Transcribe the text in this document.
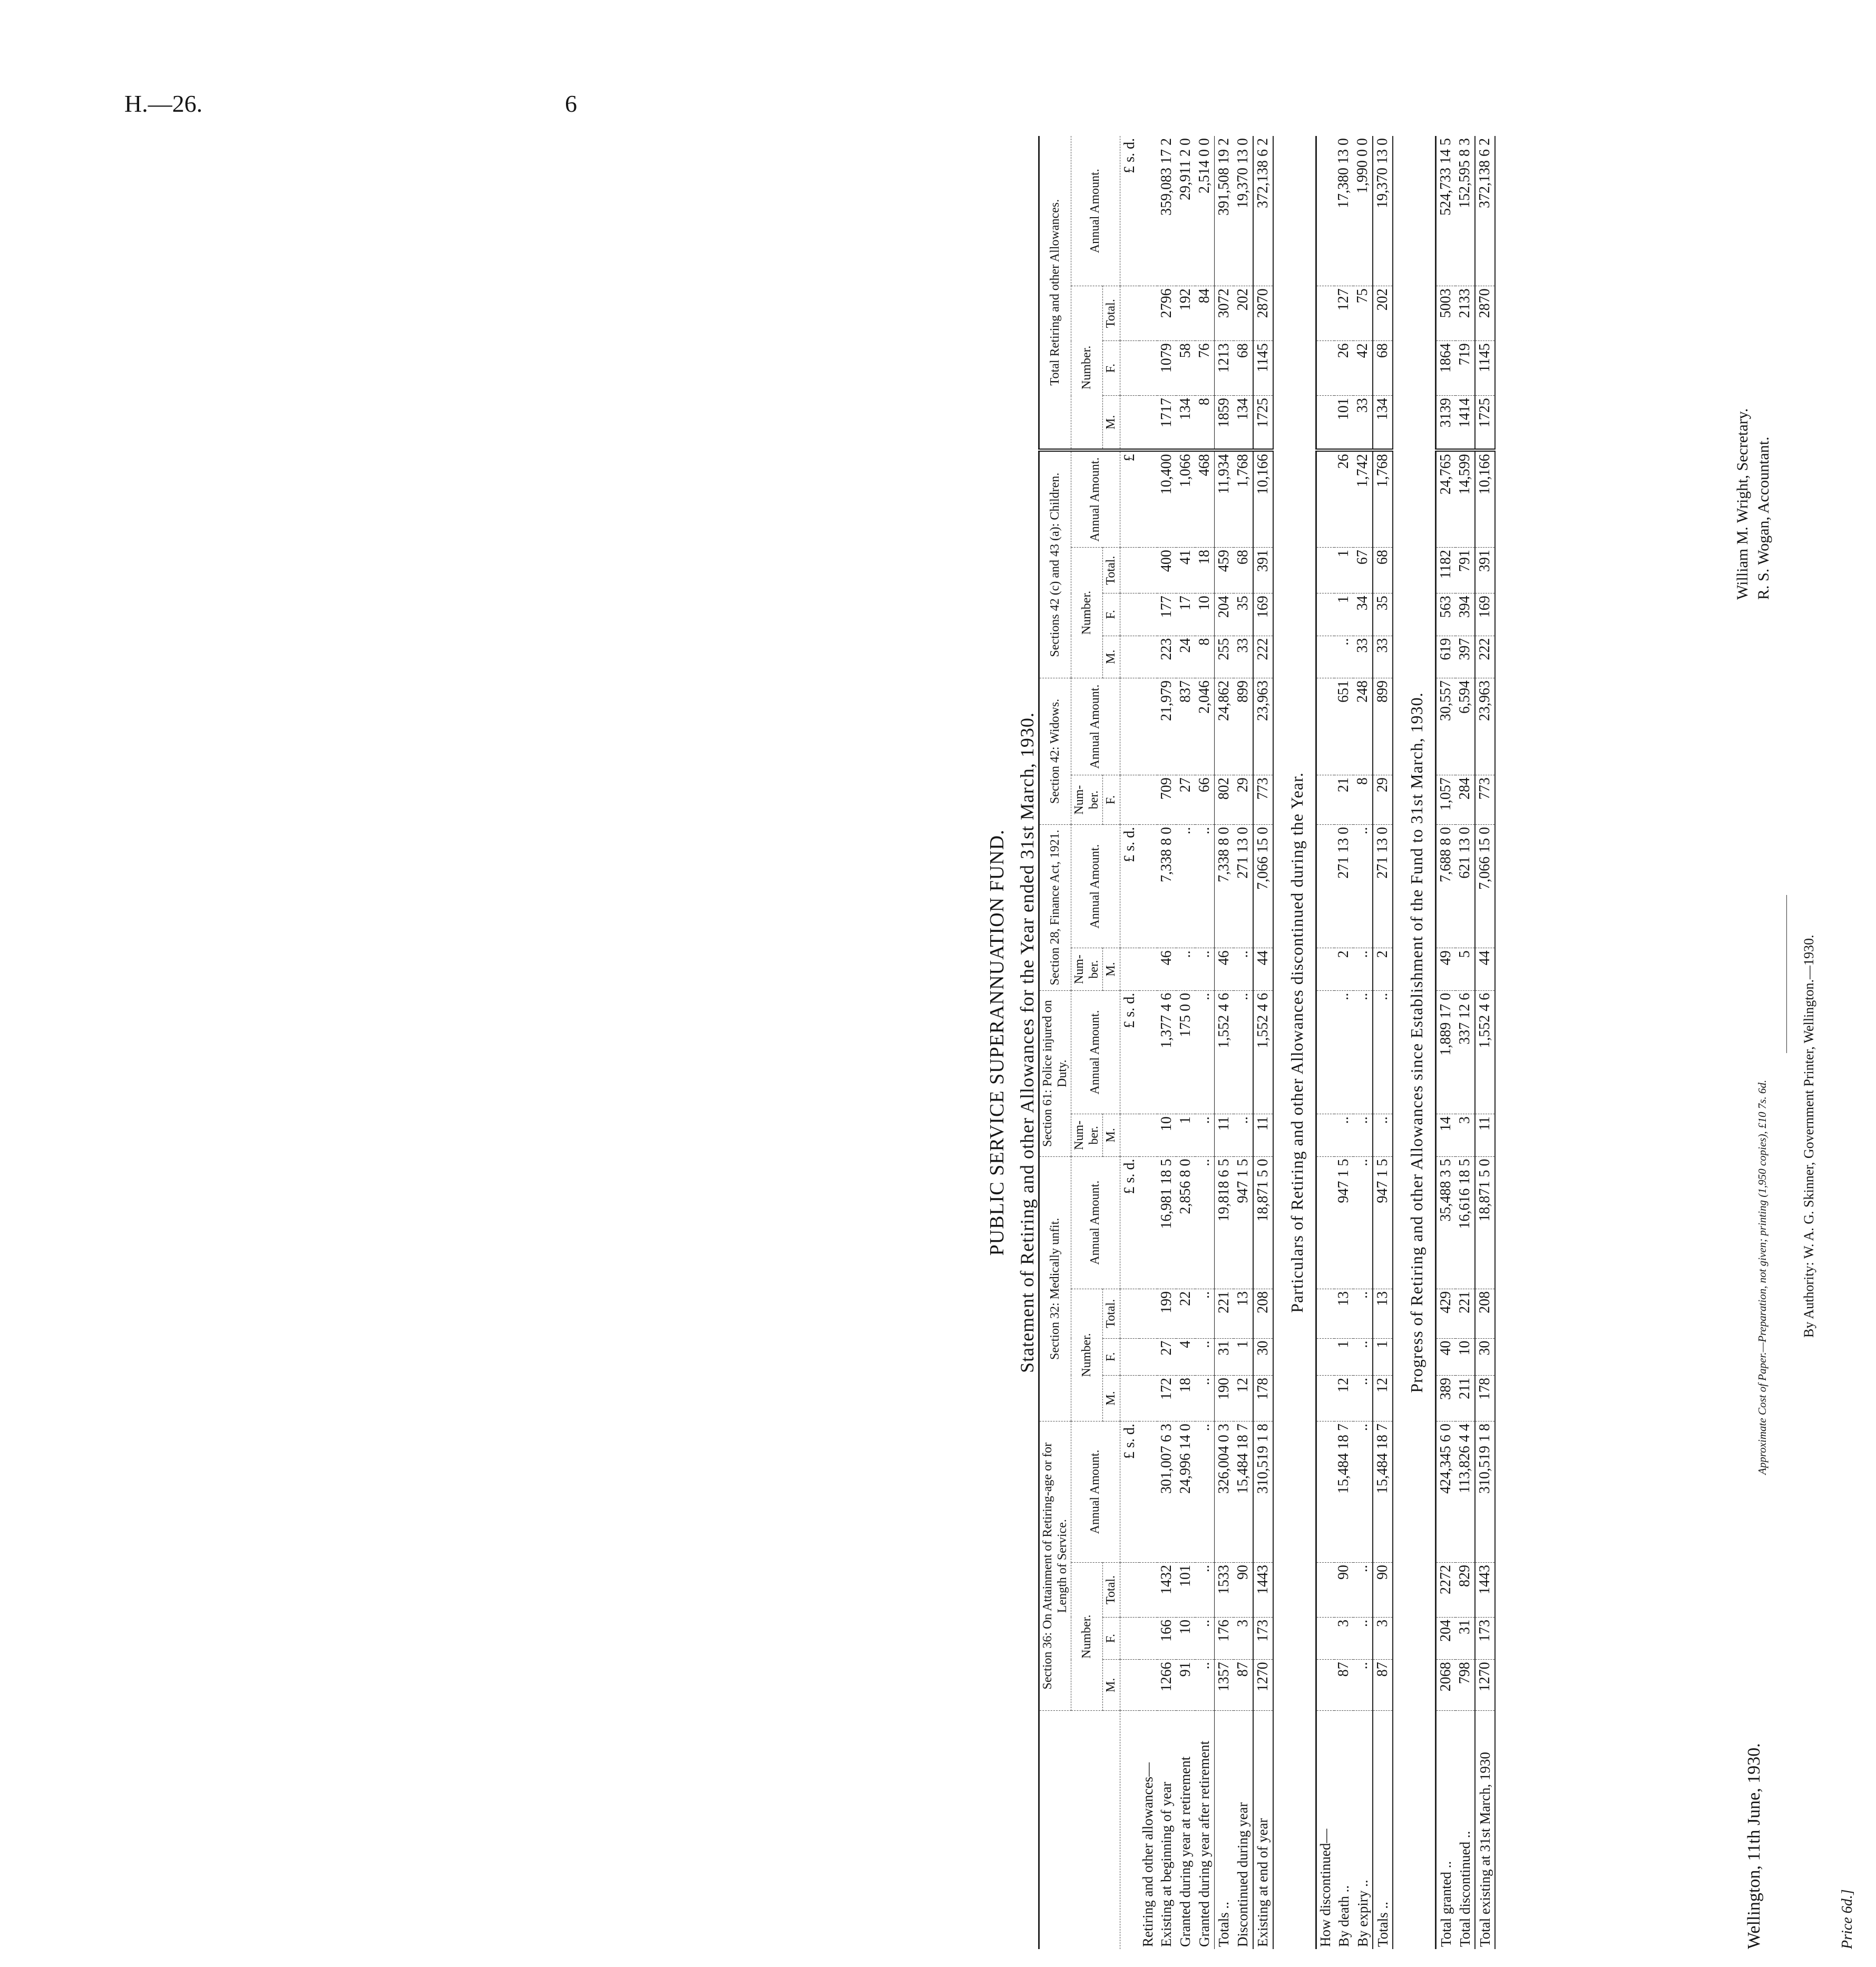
H.—26.	6
PUBLIC SERVICE SUPERANNUATION FUND. Statement of Retiring and other Allowances for the Year ended 31st March, 1930.
	Section 36: On Attainment of Retiring-age or for Length of Service.				Section 32: Medically unfit.				Section 61: Police injured on Duty.		Section 28, Finance Act, 1921.		Section 42: Widows.		Sections 42 (c) and 43 (a): Children.				Total Retiring and other Allowances.			
	Number.			Annual Amount.	Number.			Annual Amount.	Num- ber.	Annual Amount.	Num- ber.	Annual Amount.	Num- ber.	Annual Amount.	Number.			Annual Amount.	Number.			Annual Amount.
	M.	F.	Total.		M.	F.	Total.		M.		M.		F.		M.	F.	Total.		M.	F.	Total.	
				£ s. d.				£ s. d.		£ s. d.		£ s. d.						£				£ s. d.
Retiring and other allowances—																						
Existing at beginning of year	1266	166	1432	301,007 6 3	172	27	199	16,981 18 5	10	1,377 4 6	46	7,338 8 0	709	21,979	223	177	400	10,400	1717	1079	2796	359,083 17 2
Granted during year at retirement	91	10	101	24,996 14 0	18	4	22	2,856 8 0	1	175 0 0	..	..	27	837	24	17	41	1,066	134	58	192	29,911 2 0
Granted during year after retirement	..	..	..	..	..	..	..	..	..	..	..	..	66	2,046	8	10	18	468	8	76	84	2,514 0 0
Totals ..	1357	176	1533	326,004 0 3	190	31	221	19,818 6 5	11	1,552 4 6	46	7,338 8 0	802	24,862	255	204	459	11,934	1859	1213	3072	391,508 19 2
Discontinued during year	87	3	90	15,484 18 7	12	1	13	947 1 5	..	..	..	271 13 0	29	899	33	35	68	1,768	134	68	202	19,370 13 0
Existing at end of year	1270	173	1443	310,519 1 8	178	30	208	18,871 5 0	11	1,552 4 6	44	7,066 15 0	773	23,963	222	169	391	10,166	1725	1145	2870	372,138 6 2
Particulars of Retiring and other Allowances discontinued during the Year.
How discontinued—																						
By death ..	87	3	90	15,484 18 7	12	1	13	947 1 5	..	..	2	271 13 0	21	651	..	1	1	26	101	26	127	17,380 13 0
By expiry ..	..	..	..	..	..	..	..	..	..	..	..	..	8	248	33	34	67	1,742	33	42	75	1,990 0 0
Totals ..	87	3	90	15,484 18 7	12	1	13	947 1 5	..	..	2	271 13 0	29	899	33	35	68	1,768	134	68	202	19,370 13 0
Progress of Retiring and other Allowances since Establishment of the Fund to 31st March, 1930.
Total granted ..	2068	204	2272	424,345 6 0	389	40	429	35,488 3 5	14	1,889 17 0	49	7,688 8 0	1,057	30,557	619	563	1182	24,765	3139	1864	5003	524,733 14 5
Total discontinued ..	798	31	829	113,826 4 4	211	10	221	16,616 18 5	3	337 12 6	5	621 13 0	284	6,594	397	394	791	14,599	1414	719	2133	152,595 8 3
Total existing at 31st March, 1930	1270	173	1443	310,519 1 8	178	30	208	18,871 5 0	11	1,552 4 6	44	7,066 15 0	773	23,963	222	169	391	10,166	1725	1145	2870	372,138 6 2
Wellington, 11th June, 1930.
William M. Wright, Secretary. R. S. Wogan, Accountant.
Approximate Cost of Paper.—Preparation, not given; printing (1,950 copies), £10 7s. 6d. By Authority: W. A. G. Skinner, Government Printer, Wellington.—1930.
Price 6d.]
